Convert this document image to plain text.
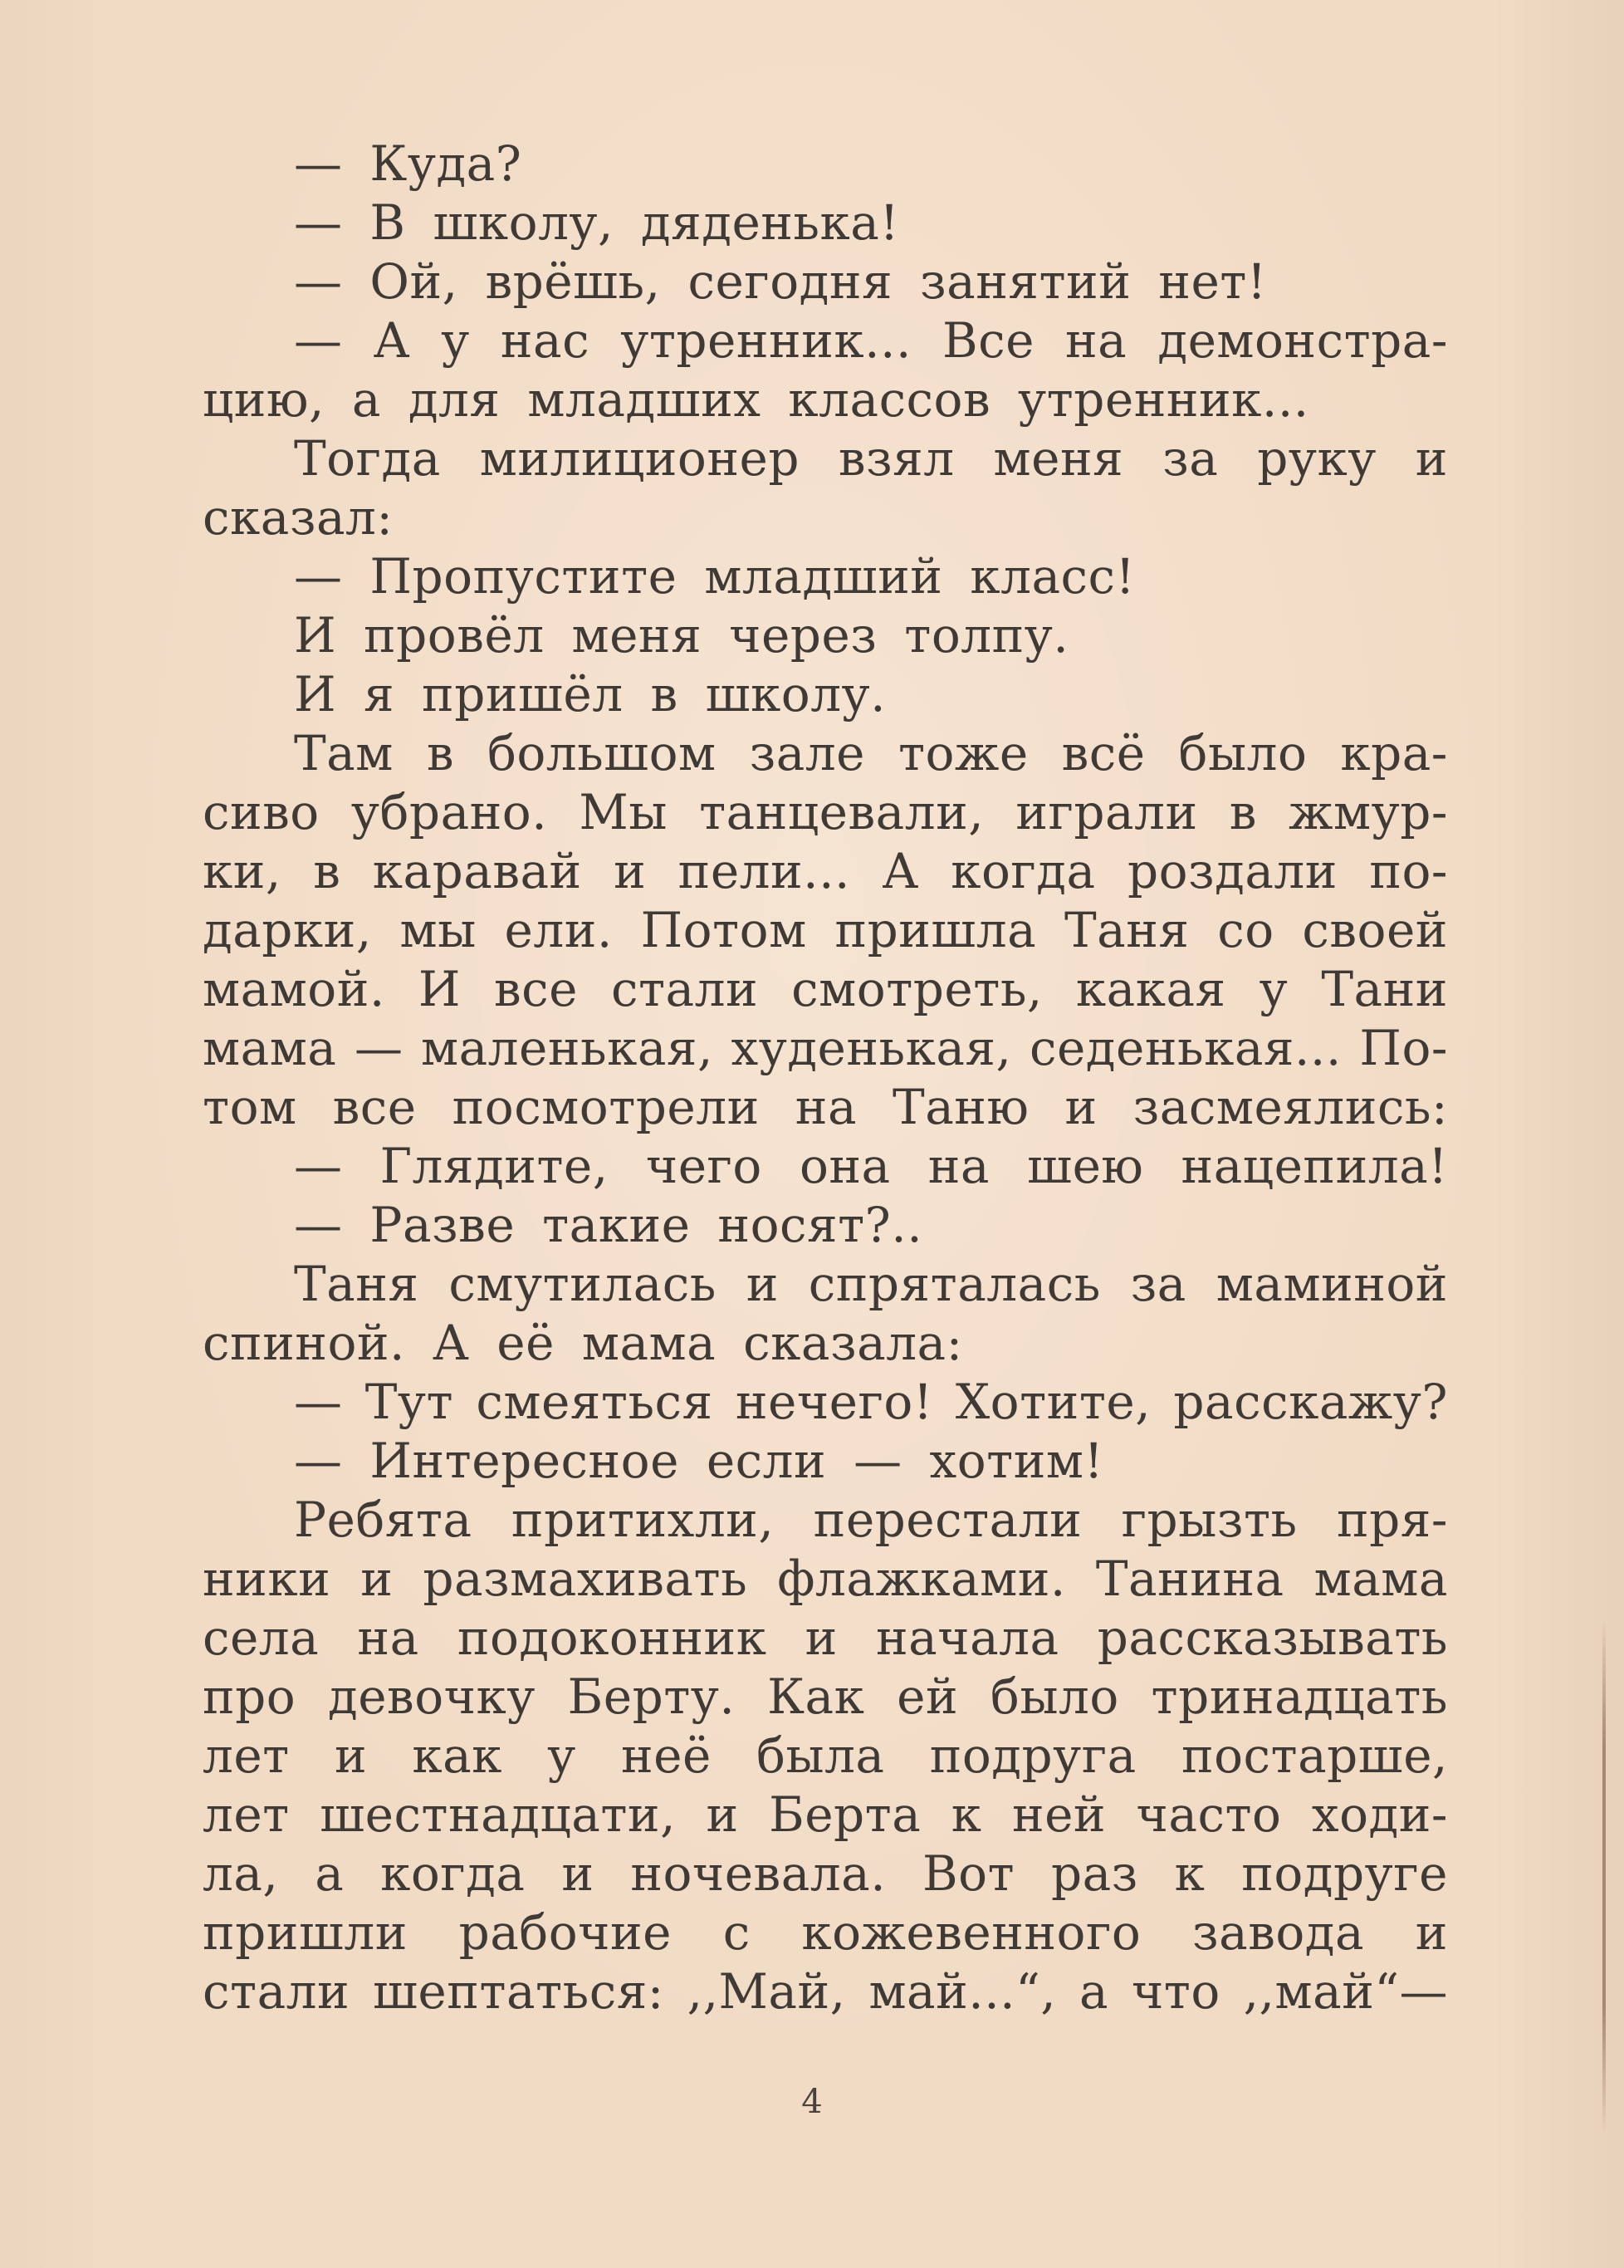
— Куда?
— В школу, дяденька!
— Ой, врёшь, сегодня занятий нет!
— А у нас утренник... Все на демонстра-
цию, а для младших классов утренник...
Тогда милиционер взял меня за руку и
сказал:
— Пропустите младший класс!
И провёл меня через толпу.
И я пришёл в школу.
Там в большом зале тоже всё было кра-
сиво убрано. Мы танцевали, играли в жмур-
ки, в каравай и пели... А когда роздали по-
дарки, мы ели. Потом пришла Таня со своей
мамой. И все стали смотреть, какая у Тани
мама — маленькая, худенькая, седенькая... По-
том все посмотрели на Таню и засмеялись:
— Глядите, чего она на шею нацепила!
— Разве такие носят?..
Таня смутилась и спряталась за маминой
спиной. А её мама сказала:
— Тут смеяться нечего! Хотите, расскажу?
— Интересное если — хотим!
Ребята притихли, перестали грызть пря-
ники и размахивать флажками. Танина мама
села на подоконник и начала рассказывать
про девочку Берту. Как ей было тринадцать
лет и как у неё была подруга постарше,
лет шестнадцати, и Берта к ней часто ходи-
ла, а когда и ночевала. Вот раз к подруге
пришли рабочие с кожевенного завода и
стали шептаться: ,,Май, май...“, а что ,,май“—
4
